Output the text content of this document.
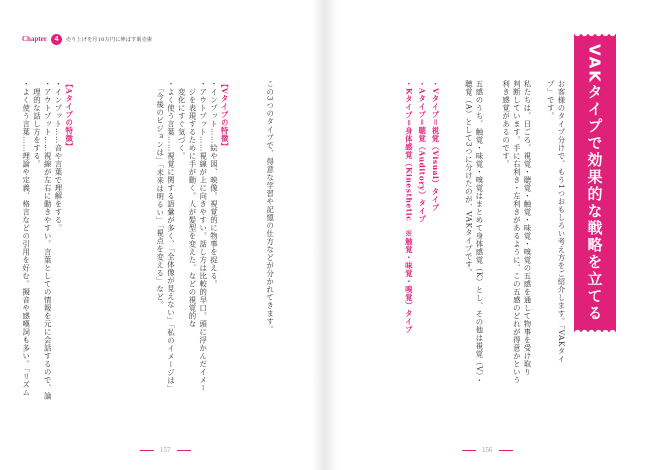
Chapter	4	売り上げを月10万円に伸ばす販売術
VAKタイプで効果的な戦略を立てる
お客様のタイプ分けで、もう1つおもしろい考え方をご紹介します。「VAKタイ
プ」です。
私たちは、日ごろ、視覚・聴覚・触覚・味覚・嗅覚の五感を通して物事を受け取り
判断しています。手に右利き・左利きがあるように、この五感のどれが得意かという
利き感覚があるのです。
五感のうち、触覚・味覚・嗅覚はまとめて身体感覚（K）とし、その他は視覚（V）・
聴覚（A）として3つに分けたのが、VAKタイプです。
・Vタイプ＝視覚（Visual）タイプ
・Aタイプ＝聴覚（Auditory）タイプ
・Kタイプ＝身体感覚（Kinesthetic　※触覚・味覚・嗅覚）タイプ
この3つのタイプで、得意な学習や記憶の仕方などが分かれてきます。
【Vタイプの特徴】
・インプット……絵や図、映像。視覚的に物事を捉える。
・アウトプット……視線が上に向きやすい。話し方は比較的早口。頭に浮かんだイメー
　ジを表現するために手が動く。人が髪型を変えた、などの視覚的な
　変化にすぐ気づく。
・よく使う言葉……視覚に関する語彙が多く、「全体像が見えない」「私のイメージは」
　「今後のビジョンは」「未来は明るい」「視点を変える」など。
【Aタイプの特徴】
・インプット……音や言葉で理解をする。
・アウトプット……視線が左右に動きやすい。言葉としての情報を元に会話するので、論
　理的な話し方をする。
・よく使う言葉……理論や定義、格言などの引用を好む。擬音や感嘆詞も多い。「リズム
157	156
